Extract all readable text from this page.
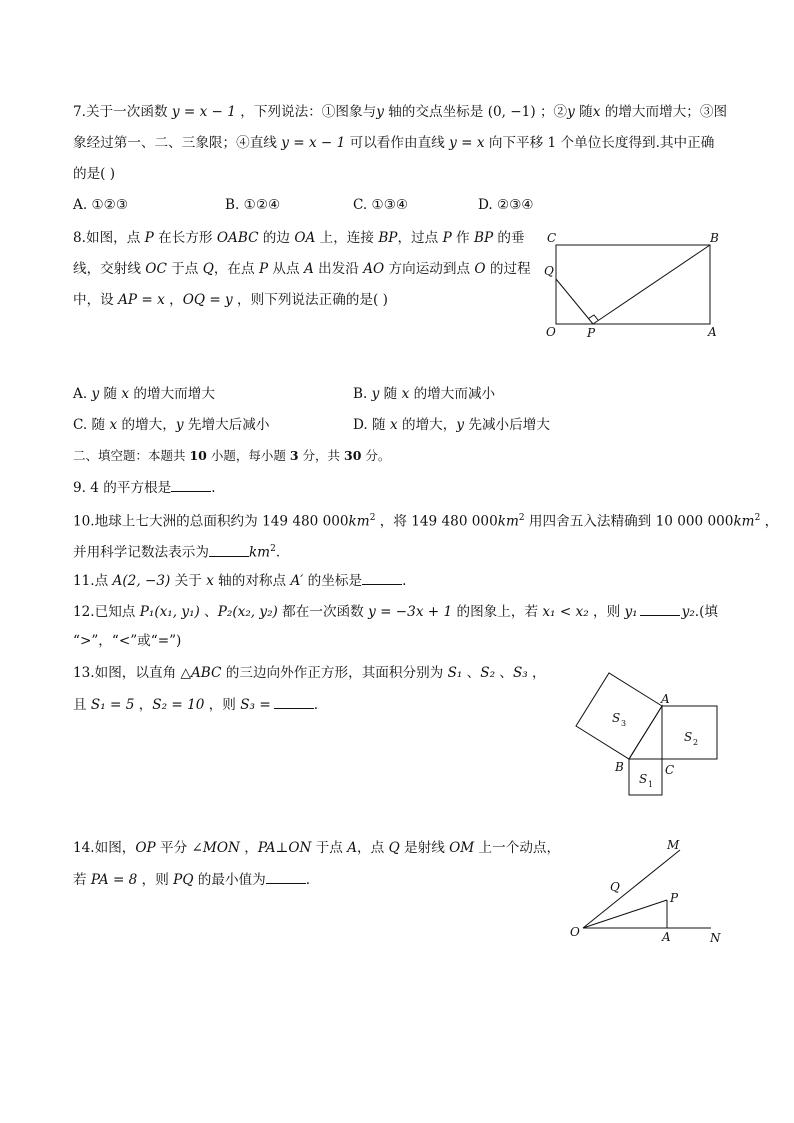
7.关于一次函数 y = x − 1 ，下列说法：①图象与y 轴的交点坐标是 (0, −1) ；②y 随x 的增大而增大；③图
象经过第一、二、三象限；④直线 y = x − 1 可以看作由直线 y = x 向下平移 1 个单位长度得到.其中正确
的是( )
A. ①②③	B. ①②④	C. ①③④	D. ②③④
8.如图，点 P 在长方形 OABC 的边 OA 上，连接 BP，过点 P 作 BP 的垂
线，交射线 OC 于点 Q，在点 P 从点 A 出发沿 AO 方向运动到点 O 的过程
中，设 AP = x ，OQ = y ，则下列说法正确的是( )
C	B
Q
O	P	A
A. y 随 x 的增大而增大	B. y 随 x 的增大而减小
C. 随 x 的增大，y 先增大后减小	D. 随 x 的增大，y 先减小后增大
二、填空题：本题共 10 小题，每小题 3 分，共 30 分。
9. 4 的平方根是	.
10.地球上七大洲的总面积约为 149 480 $000km^2$ ，将 149 480 $000km^2$ 用四舍五入法精确到 10 000 $000km^2$ ，
并用科学记数法表示为	$km^2$.
11.点 A(2, −3) 关于 x 轴的对称点 A′ 的坐标是	.
12.已知点 P₁(x₁, y₁) 、P₂(x₂, y₂) 都在一次函数 y = −3x + 1 的图象上，若 x₁ < x₂ ，则 y₁	y₂.(填
“>”，“<”或“=”)
13.如图，以直角 △ABC 的三边向外作正方形，其面积分别为 S₁ 、S₂ 、S₃ ，
且 S₁ = 5 ，S₂ = 10 ，则 S₃ =	.	A
B	C
S 3
S 2
S 1
14.如图，OP 平分 ∠MON ，PA⊥ON 于点 A，点 Q 是射线 OM 上一个动点，
若 PA = 8 ，则 PQ 的最小值为	.
M
Q
P
O	A	N
